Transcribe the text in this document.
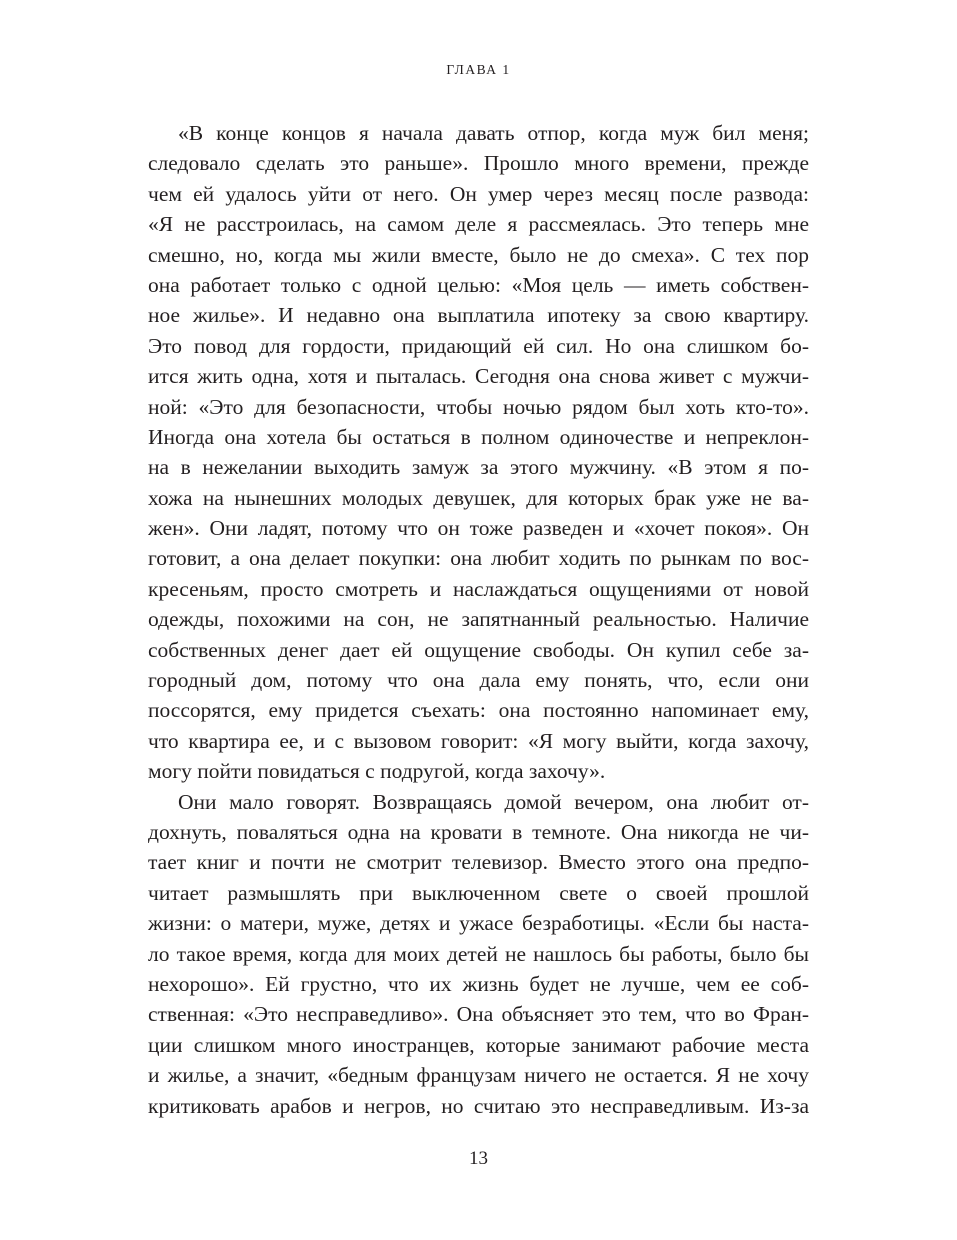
ГЛАВА 1
«В конце концов я начала давать отпор, когда муж бил меня;
следовало сделать это раньше». Прошло много времени, прежде
чем ей удалось уйти от него. Он умер через месяц после развода:
«Я не расстроилась, на самом деле я рассмеялась. Это теперь мне
смешно, но, когда мы жили вместе, было не до смеха». С тех пор
она работает только с одной целью: «Моя цель — иметь собствен-
ное жилье». И недавно она выплатила ипотеку за свою квартиру.
Это повод для гордости, придающий ей сил. Но она слишком бо-
ится жить одна, хотя и пыталась. Сегодня она снова живет с мужчи-
ной: «Это для безопасности, чтобы ночью рядом был хоть кто-то».
Иногда она хотела бы остаться в полном одиночестве и непреклон-
на в нежелании выходить замуж за этого мужчину. «В этом я по-
хожа на нынешних молодых девушек, для которых брак уже не ва-
жен». Они ладят, потому что он тоже разведен и «хочет покоя». Он
готовит, а она делает покупки: она любит ходить по рынкам по вос-
кресеньям, просто смотреть и наслаждаться ощущениями от новой
одежды, похожими на сон, не запятнанный реальностью. Наличие
собственных денег дает ей ощущение свободы. Он купил себе за-
городный дом, потому что она дала ему понять, что, если они
поссорятся, ему придется съехать: она постоянно напоминает ему,
что квартира ее, и с вызовом говорит: «Я могу выйти, когда захочу,
могу пойти повидаться с подругой, когда захочу».
Они мало говорят. Возвращаясь домой вечером, она любит от-
дохнуть, поваляться одна на кровати в темноте. Она никогда не чи-
тает книг и почти не смотрит телевизор. Вместо этого она предпо-
читает размышлять при выключенном свете о своей прошлой
жизни: о матери, муже, детях и ужасе безработицы. «Если бы наста-
ло такое время, когда для моих детей не нашлось бы работы, было бы
нехорошо». Ей грустно, что их жизнь будет не лучше, чем ее соб-
ственная: «Это несправедливо». Она объясняет это тем, что во Фран-
ции слишком много иностранцев, которые занимают рабочие места
и жилье, а значит, «бедным французам ничего не остается. Я не хочу
критиковать арабов и негров, но считаю это несправедливым. Из-за
13
